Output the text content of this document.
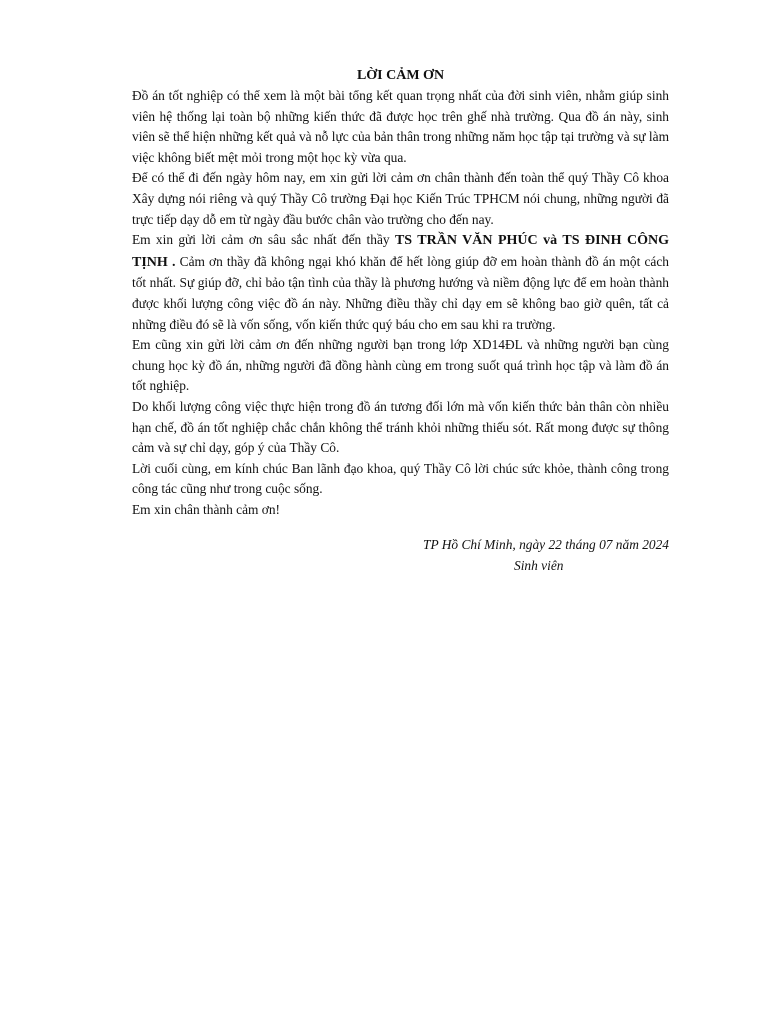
LỜI CẢM ƠN

Đồ án tốt nghiệp có thể xem là một bài tổng kết quan trọng nhất của đời sinh viên, nhằm giúp sinh viên hệ thống lại toàn bộ những kiến thức đã được học trên ghế nhà trường. Qua đồ án này, sinh viên sẽ thể hiện những kết quả và nỗ lực của bản thân trong những năm học tập tại trường và sự làm việc không biết mệt mỏi trong một học kỳ vừa qua.

Để có thể đi đến ngày hôm nay, em xin gửi lời cảm ơn chân thành đến toàn thể quý Thầy Cô khoa Xây dựng nói riêng và quý Thầy Cô trường Đại học Kiến Trúc TPHCM nói chung, những người đã trực tiếp dạy dỗ em từ ngày đầu bước chân vào trường cho đến nay.

Em xin gửi lời cảm ơn sâu sắc nhất đến thầy TS TRẦN VĂN PHÚC và TS ĐINH CÔNG TỊNH . Cảm ơn thầy đã không ngại khó khăn để hết lòng giúp đỡ em hoàn thành đồ án một cách tốt nhất. Sự giúp đỡ, chỉ bảo tận tình của thầy là phương hướng và niềm động lực để em hoàn thành được khối lượng công việc đồ án này. Những điều thầy chỉ dạy em sẽ không bao giờ quên, tất cả những điều đó sẽ là vốn sống, vốn kiến thức quý báu cho em sau khi ra trường.

Em cũng xin gửi lời cảm ơn đến những người bạn trong lớp XD14ĐL và những người bạn cùng chung học kỳ đồ án, những người đã đồng hành cùng em trong suốt quá trình học tập và làm đồ án tốt nghiệp.

Do khối lượng công việc thực hiện trong đồ án tương đối lớn mà vốn kiến thức bản thân còn nhiều hạn chế, đồ án tốt nghiệp chắc chắn không thể tránh khỏi những thiếu sót. Rất mong được sự thông cảm và sự chỉ dạy, góp ý của Thầy Cô.

Lời cuối cùng, em kính chúc Ban lãnh đạo khoa, quý Thầy Cô lời chúc sức khỏe, thành công trong công tác cũng như trong cuộc sống.

Em xin chân thành cảm ơn!

TP Hồ Chí Minh, ngày 22 tháng 07 năm 2024
Sinh viên
